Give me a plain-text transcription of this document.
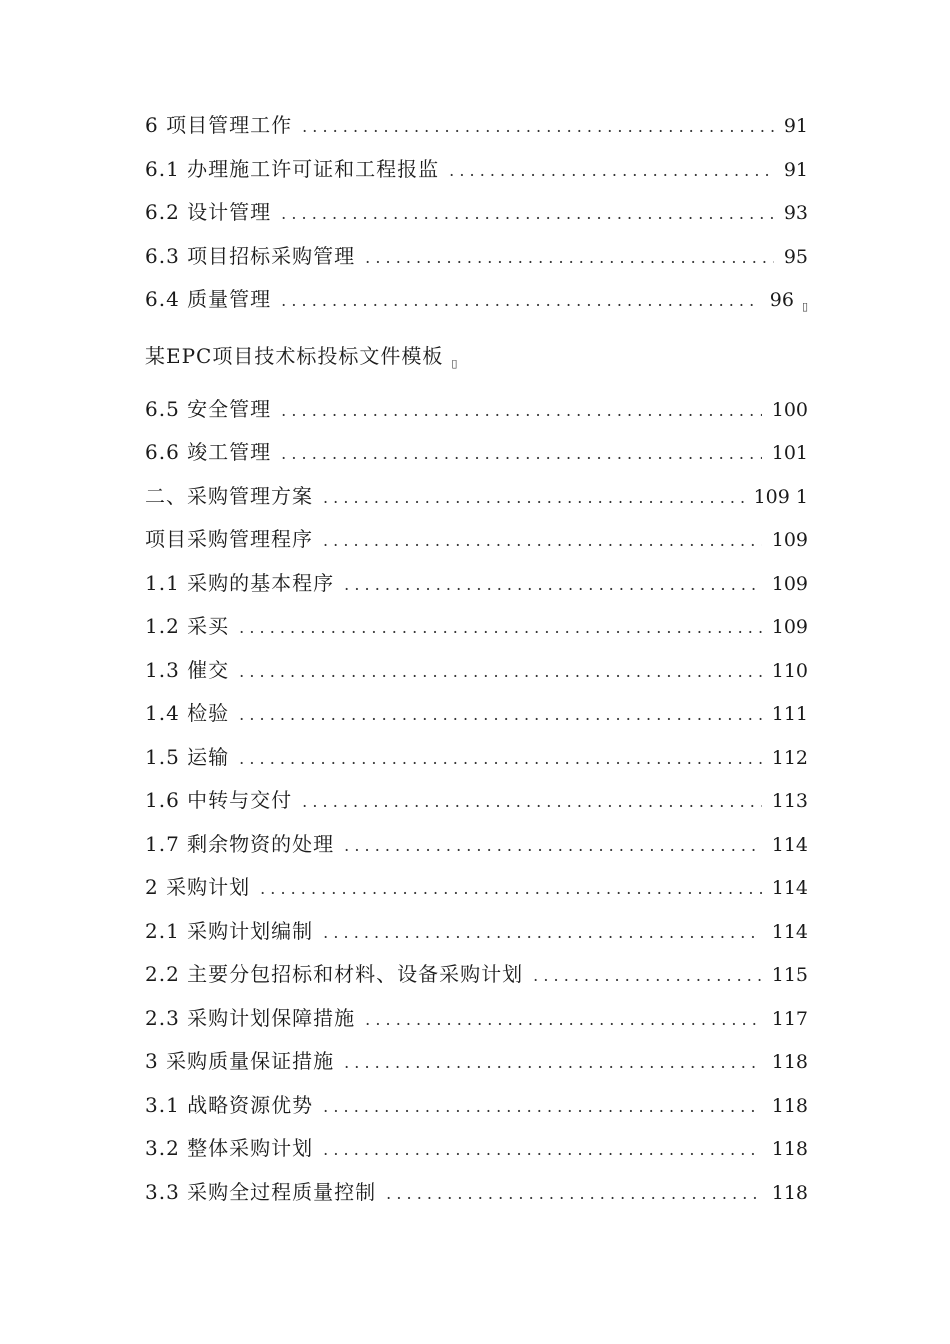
6 项目管理工作 . . .	91
6.1 办理施工许可证和工程报监 . . .	91
6.2 设计管理 . . .	93
6.3 项目招标采购管理 . . .	95
6.4 质量管理 . . .	96 $_▯$
某EPC项目技术标投标文件模板 $_▯$
6.5 安全管理 . . .	100
6.6 竣工管理 . . .	101
二、采购管理方案 . . .	109 1
项目采购管理程序 . . .	109
1.1 采购的基本程序 . . .	109
1.2 采买 . . .	109
1.3 催交 . . .	110
1.4 检验 . . .	111
1.5 运输 . . .	112
1.6 中转与交付 . . .	113
1.7 剩余物资的处理 . . .	114
2 采购计划 . . .	114
2.1 采购计划编制 . . .	114
2.2 主要分包招标和材料、设备采购计划 . . .	115
2.3 采购计划保障措施 . . .	117
3 采购质量保证措施 . . .	118
3.1 战略资源优势 . . .	118
3.2 整体采购计划 . . .	118
3.3 采购全过程质量控制 . . .	118
